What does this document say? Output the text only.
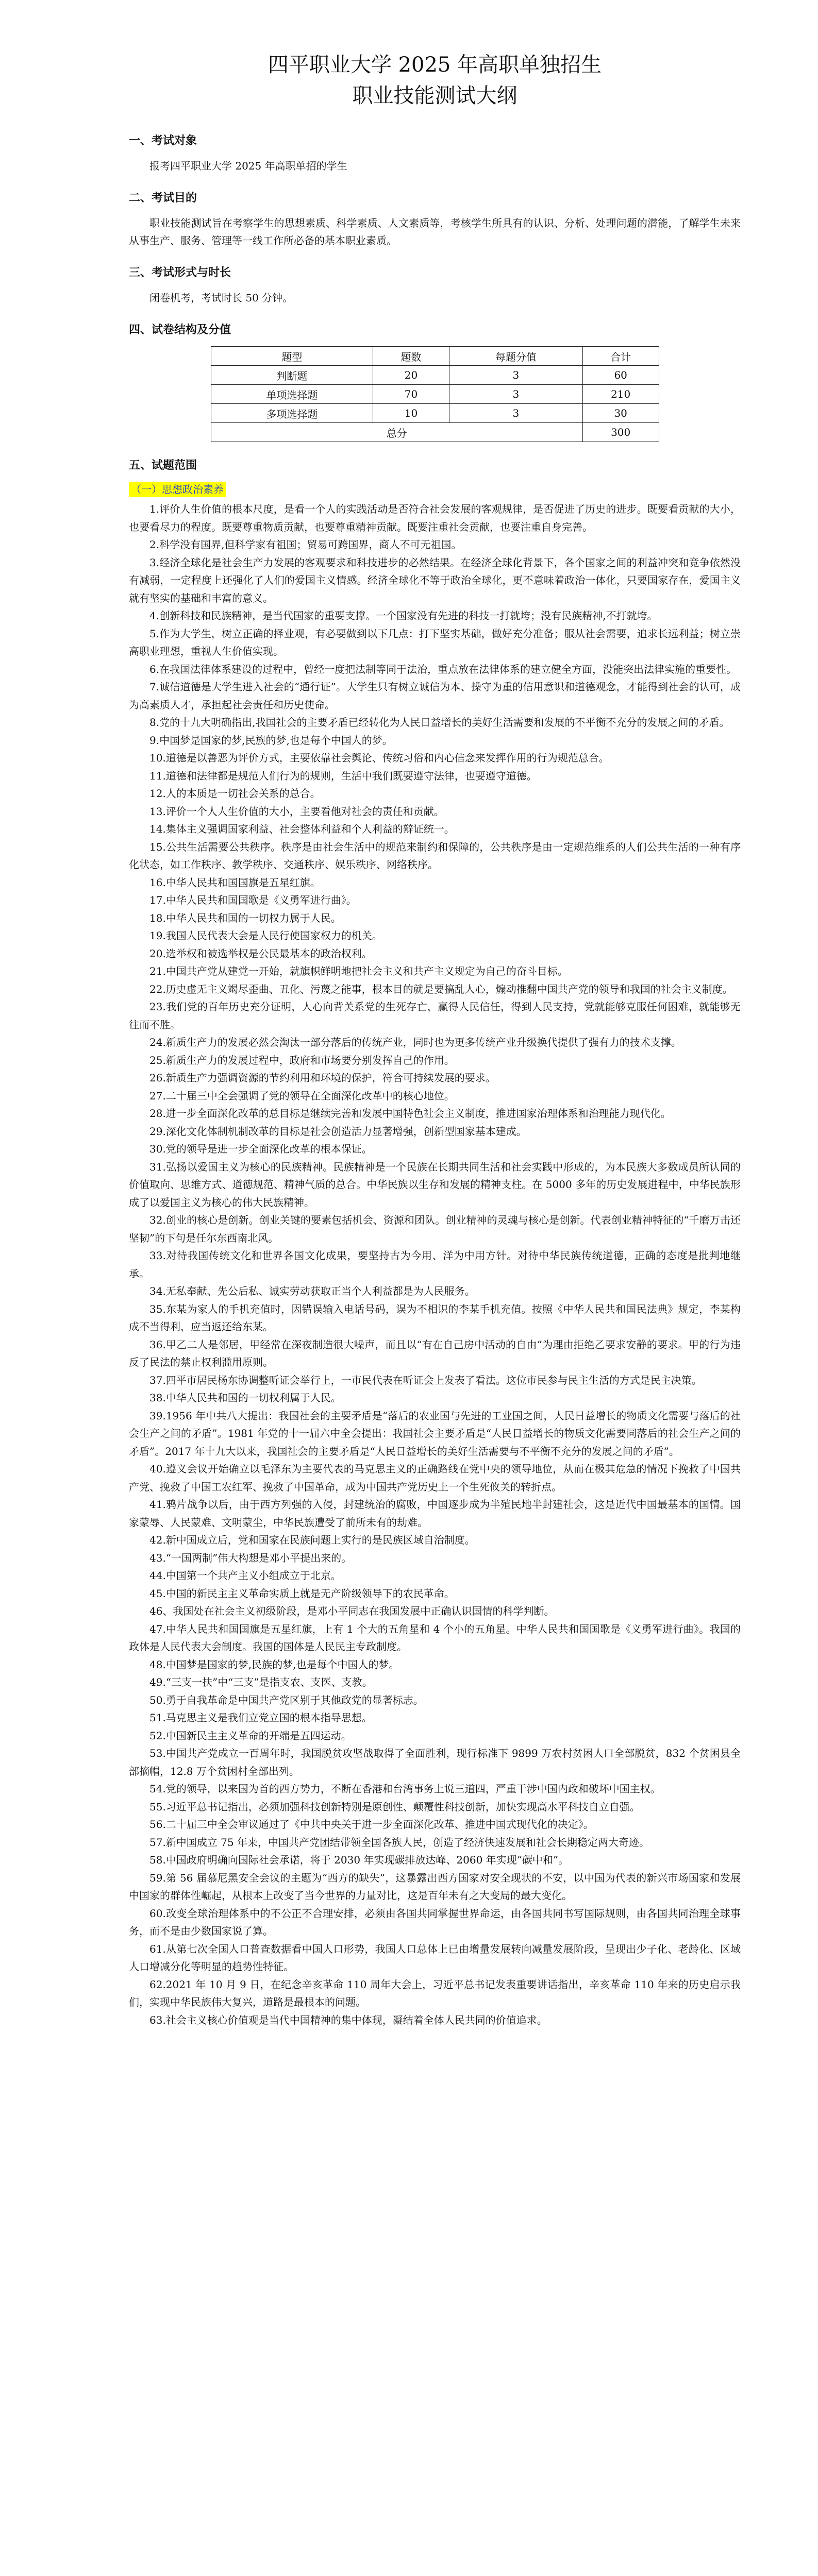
四平职业大学 2025 年高职单独招生
职业技能测试大纲
一、考试对象

报考四平职业大学 2025 年高职单招的学生

二、考试目的

职业技能测试旨在考察学生的思想素质、科学素质、人文素质等，考核学生所具有的认识、分析、处理问题的潜能，了解学生未来从事生产、服务、管理等一线工作所必备的基本职业素质。

三、考试形式与时长

闭卷机考，考试时长 50 分钟。

四、试卷结构及分值
题型	题数	每题分值	合计
判断题	20	3	60
单项选择题	70	3	210
多项选择题	10	3	30
总分			300
五、试题范围
（一）思想政治素养
1.评价人生价值的根本尺度，是看一个人的实践活动是否符合社会发展的客观规律，是否促进了历史的进步。既要看贡献的大小，也要看尽力的程度。既要尊重物质贡献，也要尊重精神贡献。既要注重社会贡献，也要注重自身完善。
2.科学没有国界,但科学家有祖国；贸易可跨国界，商人不可无祖国。
3.经济全球化是社会生产力发展的客观要求和科技进步的必然结果。在经济全球化背景下，各个国家之间的利益冲突和竞争依然没有减弱，一定程度上还强化了人们的爱国主义情感。经济全球化不等于政治全球化，更不意味着政治一体化，只要国家存在，爱国主义就有坚实的基础和丰富的意义。
4.创新科技和民族精神，是当代国家的重要支撑。一个国家没有先进的科技一打就垮；没有民族精神,不打就垮。
5.作为大学生，树立正确的择业观，有必要做到以下几点：打下坚实基础，做好充分准备；服从社会需要，追求长远利益；树立崇高职业理想，重视人生价值实现。
6.在我国法律体系建设的过程中，曾经一度把法制等同于法治，重点放在法律体系的建立健全方面，没能突出法律实施的重要性。
7.诚信道德是大学生进入社会的“通行证”。大学生只有树立诚信为本、操守为重的信用意识和道德观念，才能得到社会的认可，成为高素质人才，承担起社会责任和历史使命。
8.党的十九大明确指出,我国社会的主要矛盾已经转化为人民日益增长的美好生活需要和发展的不平衡不充分的发展之间的矛盾。
9.中国梦是国家的梦,民族的梦,也是每个中国人的梦。
10.道德是以善恶为评价方式，主要依靠社会舆论、传统习俗和内心信念来发挥作用的行为规范总合。
11.道德和法律都是规范人们行为的规则，生活中我们既要遵守法律，也要遵守道德。
12.人的本质是一切社会关系的总合。
13.评价一个人人生价值的大小，主要看他对社会的责任和贡献。
14.集体主义强调国家利益、社会整体利益和个人利益的辩证统一。
15.公共生活需要公共秩序。秩序是由社会生活中的规范来制约和保障的，公共秩序是由一定规范维系的人们公共生活的一种有序化状态，如工作秩序、教学秩序、交通秩序、娱乐秩序、网络秩序。
16.中华人民共和国国旗是五星红旗。
17.中华人民共和国国歌是《义勇军进行曲》。
18.中华人民共和国的一切权力属于人民。
19.我国人民代表大会是人民行使国家权力的机关。
20.选举权和被选举权是公民最基本的政治权利。
21.中国共产党从建党一开始，就旗帜鲜明地把社会主义和共产主义规定为自己的奋斗目标。
22.历史虚无主义竭尽歪曲、丑化、污蔑之能事，根本目的就是要搞乱人心，煽动推翻中国共产党的领导和我国的社会主义制度。
23.我们党的百年历史充分证明，人心向背关系党的生死存亡，赢得人民信任，得到人民支持，党就能够克服任何困难，就能够无往而不胜。
24.新质生产力的发展必然会淘汰一部分落后的传统产业，同时也为更多传统产业升级换代提供了强有力的技术支撑。
25.新质生产力的发展过程中，政府和市场要分别发挥自己的作用。
26.新质生产力强调资源的节约利用和环境的保护，符合可持续发展的要求。
27.二十届三中全会强调了党的领导在全面深化改革中的核心地位。
28.进一步全面深化改革的总目标是继续完善和发展中国特色社会主义制度，推进国家治理体系和治理能力现代化。
29.深化文化体制机制改革的目标是社会创造活力显著增强，创新型国家基本建成。
30.党的领导是进一步全面深化改革的根本保证。
31.弘扬以爱国主义为核心的民族精神。民族精神是一个民族在长期共同生活和社会实践中形成的，为本民族大多数成员所认同的价值取向、思维方式、道德规范、精神气质的总合。中华民族以生存和发展的精神支柱。在 5000 多年的历史发展进程中，中华民族形成了以爱国主义为核心的伟大民族精神。
32.创业的核心是创新。创业关键的要素包括机会、资源和团队。创业精神的灵魂与核心是创新。代表创业精神特征的“千磨万击还坚韧”的下句是任尔东西南北风。
33.对待我国传统文化和世界各国文化成果，要坚持古为今用、洋为中用方针。对待中华民族传统道德，正确的态度是批判地继承。
34.无私奉献、先公后私、诚实劳动获取正当个人利益都是为人民服务。
35.东某为家人的手机充值时，因错误输入电话号码，误为不相识的李某手机充值。按照《中华人民共和国民法典》规定，李某构成不当得利，应当返还给东某。
36.甲乙二人是邻居，甲经常在深夜制造很大噪声，而且以“有在自己房中活动的自由”为理由拒绝乙要求安静的要求。甲的行为违反了民法的禁止权利滥用原则。
37.四平市居民杨东协调整听证会举行上，一市民代表在听证会上发表了看法。这位市民参与民主生活的方式是民主决策。
38.中华人民共和国的一切权利属于人民。
39.1956 年中共八大提出：我国社会的主要矛盾是“落后的农业国与先进的工业国之间，人民日益增长的物质文化需要与落后的社会生产之间的矛盾”。1981 年党的十一届六中全会提出：我国社会主要矛盾是“人民日益增长的物质文化需要同落后的社会生产之间的矛盾”。2017 年十九大以来，我国社会的主要矛盾是“人民日益增长的美好生活需要与不平衡不充分的发展之间的矛盾”。
40.遵义会议开始确立以毛泽东为主要代表的马克思主义的正确路线在党中央的领导地位，从而在极其危急的情况下挽救了中国共产党、挽救了中国工农红军、挽救了中国革命，成为中国共产党历史上一个生死攸关的转折点。
41.鸦片战争以后，由于西方列强的入侵，封建统治的腐败，中国逐步成为半殖民地半封建社会，这是近代中国最基本的国情。国家蒙辱、人民蒙难、文明蒙尘，中华民族遭受了前所未有的劫难。
42.新中国成立后，党和国家在民族问题上实行的是民族区域自治制度。
43.“一国两制”伟大构想是邓小平提出来的。
44.中国第一个共产主义小组成立于北京。
45.中国的新民主主义革命实质上就是无产阶级领导下的农民革命。
46、我国处在社会主义初级阶段，是邓小平同志在我国发展中正确认识国情的科学判断。
47.中华人民共和国国旗是五星红旗，上有 1 个大的五角星和 4 个小的五角星。中华人民共和国国歌是《义勇军进行曲》。我国的政体是人民代表大会制度。我国的国体是人民民主专政制度。
48.中国梦是国家的梦,民族的梦,也是每个中国人的梦。
49.“三支一扶”中“三支”是指支农、支医、支教。
50.勇于自我革命是中国共产党区别于其他政党的显著标志。
51.马克思主义是我们立党立国的根本指导思想。
52.中国新民主主义革命的开端是五四运动。
53.中国共产党成立一百周年时，我国脱贫攻坚战取得了全面胜利，现行标准下 9899 万农村贫困人口全部脱贫，832 个贫困县全部摘帽，12.8 万个贫困村全部出列。
54.党的领导，以来国为首的西方势力，不断在香港和台湾事务上说三道四，严重干涉中国内政和破坏中国主权。
55.习近平总书记指出，必须加强科技创新特别是原创性、颠覆性科技创新，加快实现高水平科技自立自强。
56.二十届三中全会审议通过了《中共中央关于进一步全面深化改革、推进中国式现代化的决定》。
57.新中国成立 75 年来，中国共产党团结带领全国各族人民，创造了经济快速发展和社会长期稳定两大奇迹。
58.中国政府明确向国际社会承诺，将于 2030 年实现碳排放达峰、2060 年实现“碳中和”。
59.第 56 届慕尼黑安全会议的主题为“西方的缺失”，这暴露出西方国家对安全现状的不安，以中国为代表的新兴市场国家和发展中国家的群体性崛起，从根本上改变了当今世界的力量对比，这是百年未有之大变局的最大变化。
60.改变全球治理体系中的不公正不合理安排，必须由各国共同掌握世界命运，由各国共同书写国际规则，由各国共同治理全球事务，而不是由少数国家说了算。
61.从第七次全国人口普查数据看中国人口形势，我国人口总体上已由增量发展转向减量发展阶段，呈现出少子化、老龄化、区域人口增减分化等明显的趋势性特征。
62.2021 年 10 月 9 日，在纪念辛亥革命 110 周年大会上，习近平总书记发表重要讲话指出，辛亥革命 110 年来的历史启示我们，实现中华民族伟大复兴，道路是最根本的问题。
63.社会主义核心价值观是当代中国精神的集中体现，凝结着全体人民共同的价值追求。
